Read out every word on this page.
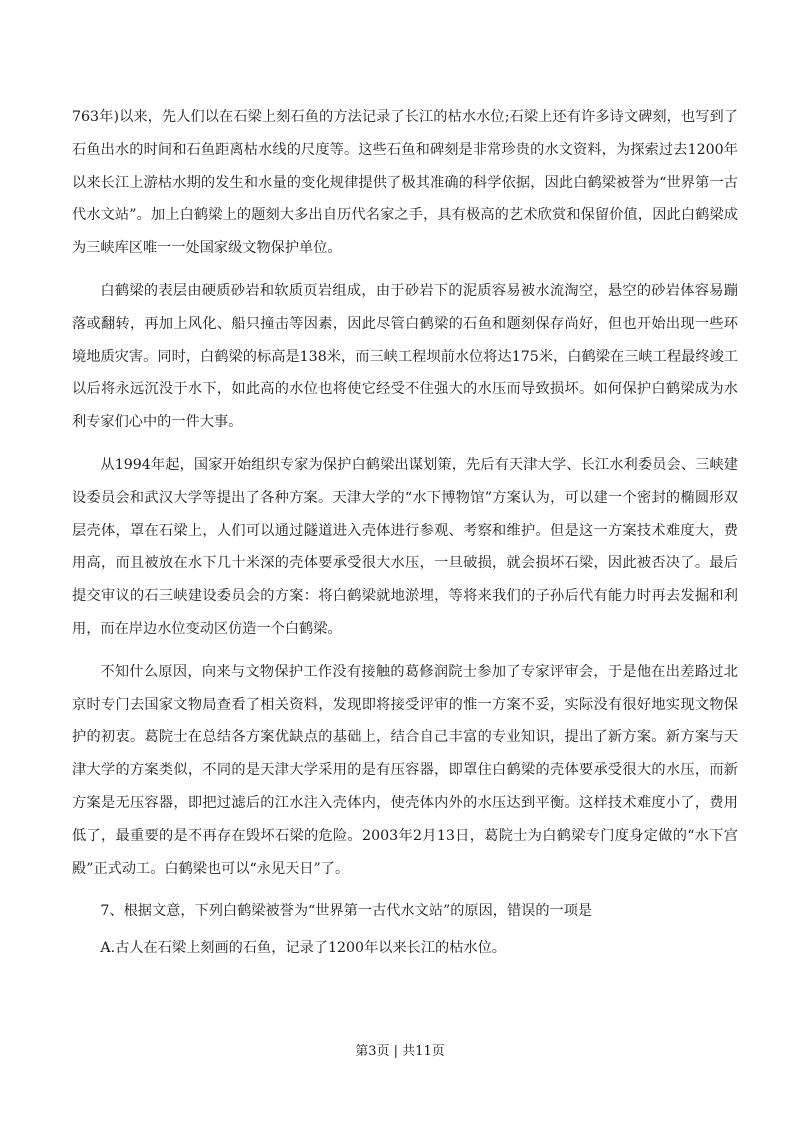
763年)以来，先人们以在石梁上刻石鱼的方法记录了长江的枯水水位;石梁上还有许多诗文碑刻，也写到了石鱼出水的时间和石鱼距离枯水线的尺度等。这些石鱼和碑刻是非常珍贵的水文资料，为探索过去1200年以来长江上游枯水期的发生和水量的变化规律提供了极其准确的科学依据，因此白鹤梁被誉为“世界第一古代水文站”。加上白鹤梁上的题刻大多出自历代名家之手，具有极高的艺术欣赏和保留价值，因此白鹤梁成为三峡库区唯一一处国家级文物保护单位。

白鹤梁的表层由硬质砂岩和软质页岩组成，由于砂岩下的泥质容易被水流淘空，悬空的砂岩体容易蹦落或翻转，再加上风化、船只撞击等因素，因此尽管白鹤梁的石鱼和题刻保存尚好，但也开始出现一些环境地质灾害。同时，白鹤梁的标高是138米，而三峡工程坝前水位将达175米，白鹤梁在三峡工程最终竣工以后将永远沉没于水下，如此高的水位也将使它经受不住强大的水压而导致损坏。如何保护白鹤梁成为水利专家们心中的一件大事。

从1994年起，国家开始组织专家为保护白鹤梁出谋划策，先后有天津大学、长江水利委员会、三峡建设委员会和武汉大学等提出了各种方案。天津大学的“水下博物馆”方案认为，可以建一个密封的椭圆形双层壳体，罩在石梁上，人们可以通过隧道进入壳体进行参观、考察和维护。但是这一方案技术难度大，费用高，而且被放在水下几十米深的壳体要承受很大水压，一旦破损，就会损坏石梁，因此被否决了。最后提交审议的石三峡建设委员会的方案：将白鹤梁就地淤埋，等将来我们的子孙后代有能力时再去发掘和利用，而在岸边水位变动区仿造一个白鹤梁。

不知什么原因，向来与文物保护工作没有接触的葛修润院士参加了专家评审会，于是他在出差路过北京时专门去国家文物局查看了相关资料，发现即将接受评审的惟一方案不妥，实际没有很好地实现文物保护的初衷。葛院士在总结各方案优缺点的基础上，结合自己丰富的专业知识，提出了新方案。新方案与天津大学的方案类似，不同的是天津大学采用的是有压容器，即罩住白鹤梁的壳体要承受很大的水压，而新方案是无压容器，即把过滤后的江水注入壳体内，使壳体内外的水压达到平衡。这样技术难度小了，费用低了，最重要的是不再存在毁坏石梁的危险。2003年2月13日，葛院士为白鹤梁专门度身定做的“水下宫殿”正式动工。白鹤梁也可以“永见天日”了。

7、根据文意，下列白鹤梁被誉为“世界第一古代水文站”的原因，错误的一项是

A.古人在石梁上刻画的石鱼，记录了1200年以来长江的枯水位。

第3页 | 共11页
